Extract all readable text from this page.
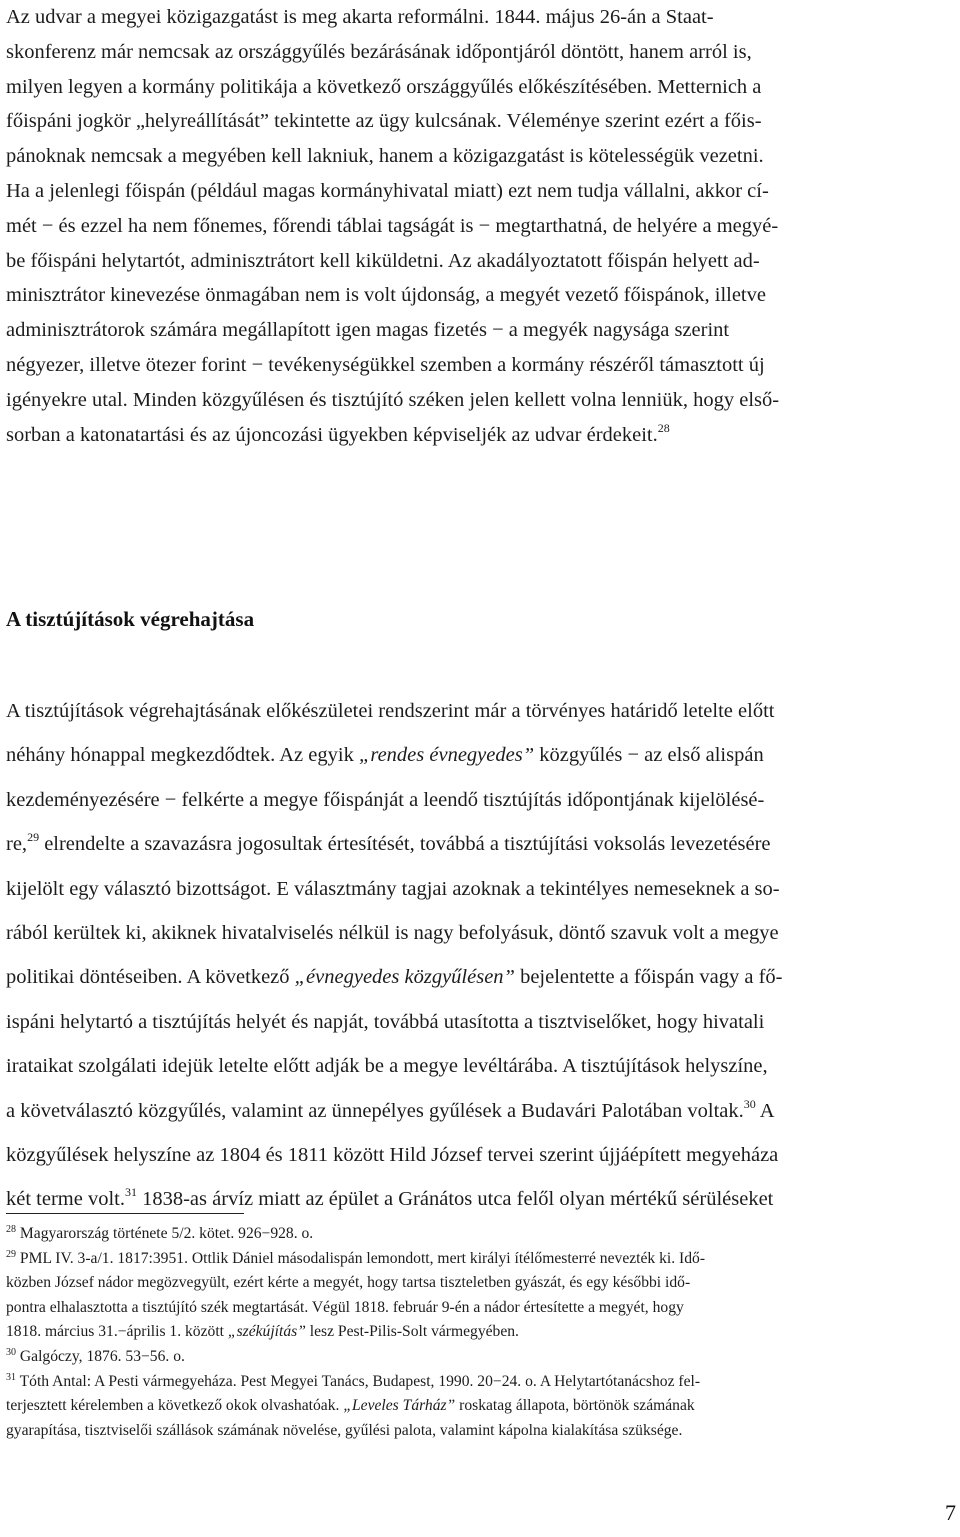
Az udvar a megyei közigazgatást is meg akarta reformálni. 1844. május 26-án a Staat-
skonferenz már nemcsak az országgyűlés bezárásának időpontjáról döntött, hanem arról is,
milyen legyen a kormány politikája a következő országgyűlés előkészítésében. Metternich a
főispáni jogkör „helyreállítását” tekintette az ügy kulcsának. Véleménye szerint ezért a főis-
pánoknak nemcsak a megyében kell lakniuk, hanem a közigazgatást is kötelességük vezetni.
Ha a jelenlegi főispán (például magas kormányhivatal miatt) ezt nem tudja vállalni, akkor cí-
mét − és ezzel ha nem főnemes, főrendi táblai tagságát is − megtarthatná, de helyére a megyé-
be főispáni helytartót, adminisztrátort kell kiküldetni. Az akadályoztatott főispán helyett ad-
minisztrátor kinevezése önmagában nem is volt újdonság, a megyét vezető főispánok, illetve
adminisztrátorok számára megállapított igen magas fizetés − a megyék nagysága szerint
négyezer, illetve ötezer forint − tevékenységükkel szemben a kormány részéről támasztott új
igényekre utal. Minden közgyűlésen és tisztújító széken jelen kellett volna lenniük, hogy első-
sorban a katonatartási és az újoncozási ügyekben képviseljék az udvar érdekeit.$^{28}$

A tisztújítások végrehajtása
A tisztújítások végrehajtásának előkészületei rendszerint már a törvényes határidő letelte előtt
néhány hónappal megkezdődtek. Az egyik „rendes évnegyedes” közgyűlés − az első alispán
kezdeményezésére − felkérte a megye főispánját a leendő tisztújítás időpontjának kijelölésé-
re,$^{29}$ elrendelte a szavazásra jogosultak értesítését, továbbá a tisztújítási voksolás levezetésére
kijelölt egy választó bizottságot. E választmány tagjai azoknak a tekintélyes nemeseknek a so-
rából kerültek ki, akiknek hivatalviselés nélkül is nagy befolyásuk, döntő szavuk volt a megye
politikai döntéseiben. A következő „évnegyedes közgyűlésen” bejelentette a főispán vagy a fő-
ispáni helytartó a tisztújítás helyét és napját, továbbá utasította a tisztviselőket, hogy hivatali
irataikat szolgálati idejük letelte előtt adják be a megye levéltárába. A tisztújítások helyszíne,
a követválasztó közgyűlés, valamint az ünnepélyes gyűlések a Budavári Palotában voltak.$^{30}$ A
közgyűlések helyszíne az 1804 és 1811 között Hild József tervei szerint újjáépített megyeháza
két terme volt.$^{31}$ 1838-as árvíz miatt az épület a Gránátos utca felől olyan mértékű sérüléseket

$^{28}$ Magyarország története 5/2. kötet. 926−928. o.

$^{29}$ PML IV. 3-a/1. 1817:3951. Ottlik Dániel másodalispán lemondott, mert királyi ítélőmesterré nevezték ki. Idő-
közben József nádor megözvegyült, ezért kérte a megyét, hogy tartsa tiszteletben gyászát, és egy későbbi idő-
pontra elhalasztotta a tisztújító szék megtartását. Végül 1818. február 9-én a nádor értesítette a megyét, hogy
1818. március 31.−április 1. között „székújítás” lesz Pest-Pilis-Solt vármegyében.

$^{30}$ Galgóczy, 1876. 53−56. o.

$^{31}$ Tóth Antal: A Pesti vármegyeháza. Pest Megyei Tanács, Budapest, 1990. 20−24. o. A Helytartótanácshoz fel-
terjesztett kérelemben a következő okok olvashatóak. „Leveles Tárház” roskatag állapota, börtönök számának
gyarapítása, tisztviselői szállások számának növelése, gyűlési palota, valamint kápolna kialakítása szüksége.

7
